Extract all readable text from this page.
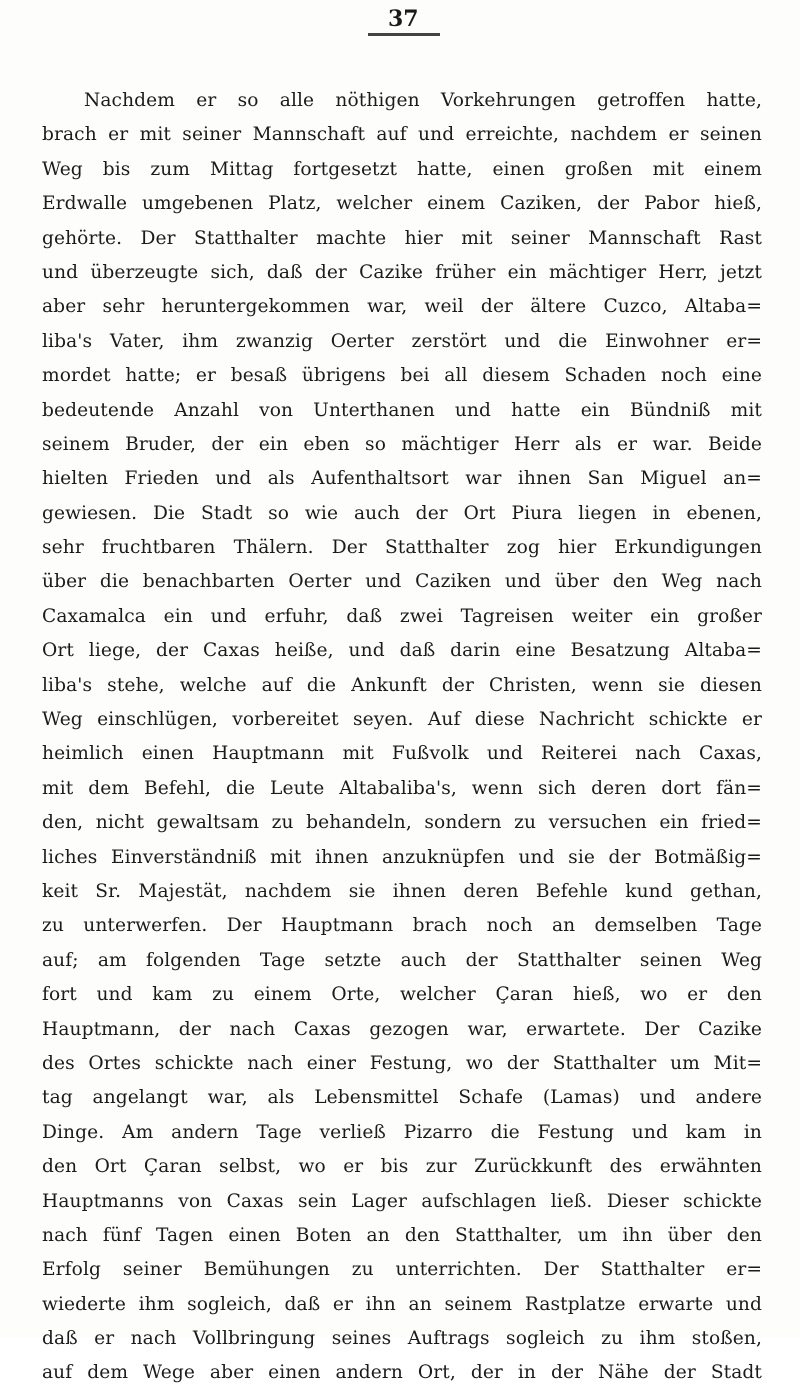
37
Nachdem er so alle nöthigen Vorkehrungen getroffen hatte,
brach er mit seiner Mannschaft auf und erreichte, nachdem er seinen
Weg bis zum Mittag fortgesetzt hatte, einen großen mit einem
Erdwalle umgebenen Platz, welcher einem Caziken, der Pabor hieß,
gehörte. Der Statthalter machte hier mit seiner Mannschaft Rast
und überzeugte sich, daß der Cazike früher ein mächtiger Herr, jetzt
aber sehr heruntergekommen war, weil der ältere Cuzco, Altaba=
liba's Vater, ihm zwanzig Oerter zerstört und die Einwohner er=
mordet hatte; er besaß übrigens bei all diesem Schaden noch eine
bedeutende Anzahl von Unterthanen und hatte ein Bündniß mit
seinem Bruder, der ein eben so mächtiger Herr als er war. Beide
hielten Frieden und als Aufenthaltsort war ihnen San Miguel an=
gewiesen. Die Stadt so wie auch der Ort Piura liegen in ebenen,
sehr fruchtbaren Thälern. Der Statthalter zog hier Erkundigungen
über die benachbarten Oerter und Caziken und über den Weg nach
Caxamalca ein und erfuhr, daß zwei Tagreisen weiter ein großer
Ort liege, der Caxas heiße, und daß darin eine Besatzung Altaba=
liba's stehe, welche auf die Ankunft der Christen, wenn sie diesen
Weg einschlügen, vorbereitet seyen. Auf diese Nachricht schickte er
heimlich einen Hauptmann mit Fußvolk und Reiterei nach Caxas,
mit dem Befehl, die Leute Altabaliba's, wenn sich deren dort fän=
den, nicht gewaltsam zu behandeln, sondern zu versuchen ein fried=
liches Einverständniß mit ihnen anzuknüpfen und sie der Botmäßig=
keit Sr. Majestät, nachdem sie ihnen deren Befehle kund gethan,
zu unterwerfen. Der Hauptmann brach noch an demselben Tage
auf; am folgenden Tage setzte auch der Statthalter seinen Weg
fort und kam zu einem Orte, welcher Çaran hieß, wo er den
Hauptmann, der nach Caxas gezogen war, erwartete. Der Cazike
des Ortes schickte nach einer Festung, wo der Statthalter um Mit=
tag angelangt war, als Lebensmittel Schafe (Lamas) und andere
Dinge. Am andern Tage verließ Pizarro die Festung und kam in
den Ort Çaran selbst, wo er bis zur Zurückkunft des erwähnten
Hauptmanns von Caxas sein Lager aufschlagen ließ. Dieser schickte
nach fünf Tagen einen Boten an den Statthalter, um ihn über den
Erfolg seiner Bemühungen zu unterrichten. Der Statthalter er=
wiederte ihm sogleich, daß er ihn an seinem Rastplatze erwarte und
daß er nach Vollbringung seines Auftrags sogleich zu ihm stoßen,
auf dem Wege aber einen andern Ort, der in der Nähe der Stadt
